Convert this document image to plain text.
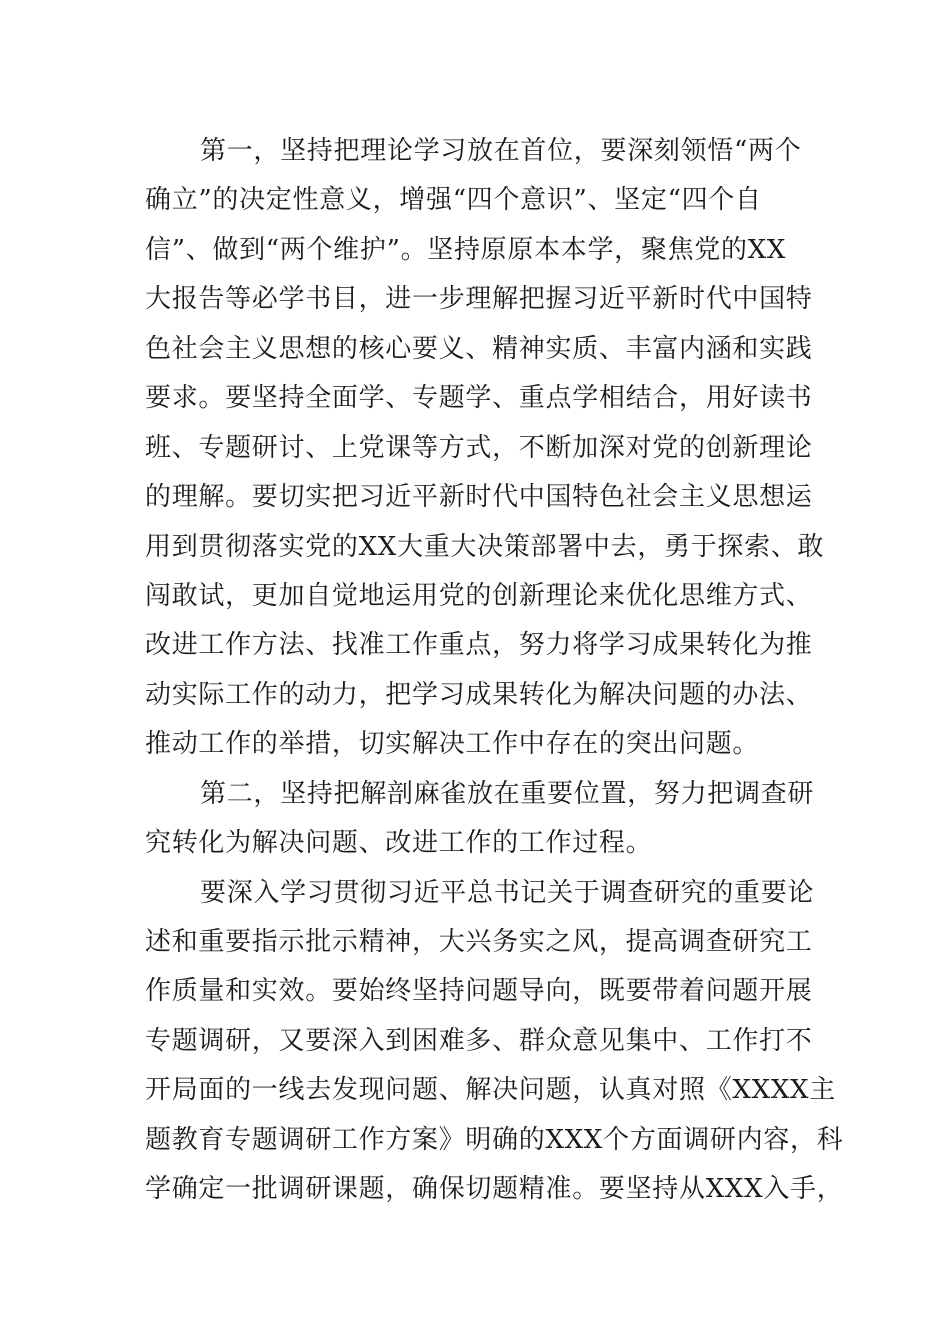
第一，坚持把理论学习放在首位，要深刻领悟“两个
确立”的决定性意义，增强“四个意识”、坚定“四个自
信”、做到“两个维护”。坚持原原本本学，聚焦党的XX
大报告等必学书目，进一步理解把握习近平新时代中国特
色社会主义思想的核心要义、精神实质、丰富内涵和实践
要求。要坚持全面学、专题学、重点学相结合，用好读书
班、专题研讨、上党课等方式，不断加深对党的创新理论
的理解。要切实把习近平新时代中国特色社会主义思想运
用到贯彻落实党的XX大重大决策部署中去，勇于探索、敢
闯敢试，更加自觉地运用党的创新理论来优化思维方式、
改进工作方法、找准工作重点，努力将学习成果转化为推
动实际工作的动力，把学习成果转化为解决问题的办法、
推动工作的举措，切实解决工作中存在的突出问题。
第二，坚持把解剖麻雀放在重要位置，努力把调查研
究转化为解决问题、改进工作的工作过程。
要深入学习贯彻习近平总书记关于调查研究的重要论
述和重要指示批示精神，大兴务实之风，提高调查研究工
作质量和实效。要始终坚持问题导向，既要带着问题开展
专题调研，又要深入到困难多、群众意见集中、工作打不
开局面的一线去发现问题、解决问题，认真对照《XXXX主
题教育专题调研工作方案》明确的XXX个方面调研内容，科
学确定一批调研课题，确保切题精准。要坚持从XXX入手，
